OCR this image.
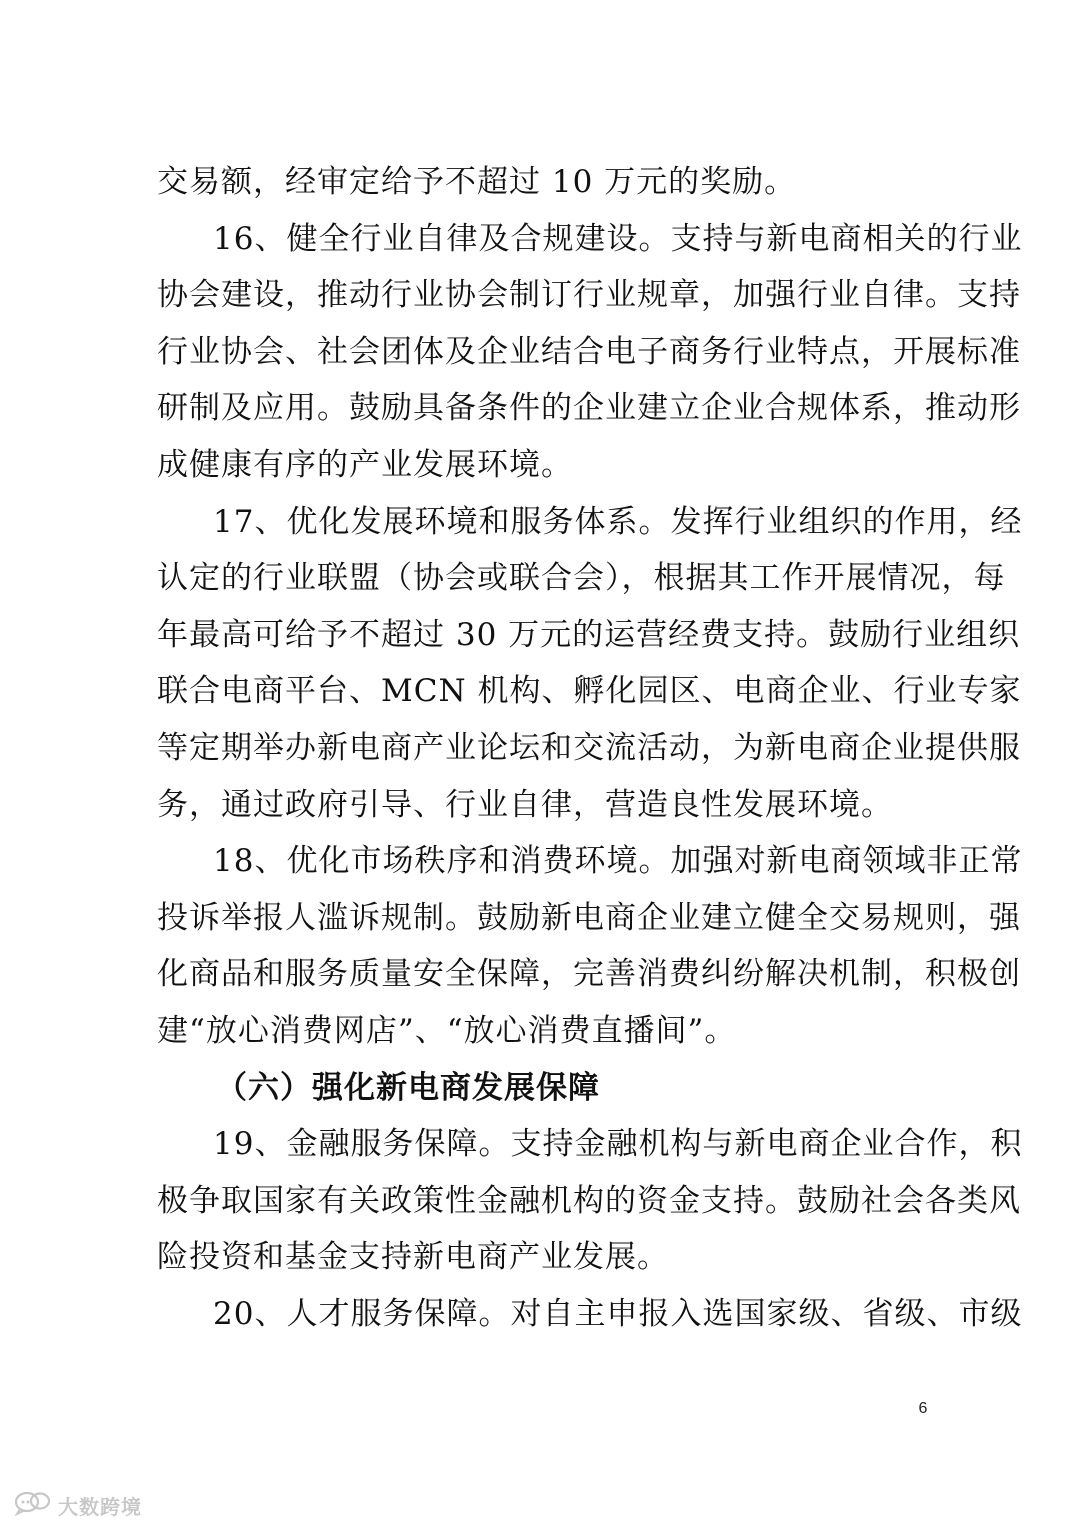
交易额，经审定给予不超过 10 万元的奖励。
16、健全行业自律及合规建设。支持与新电商相关的行业
协会建设，推动行业协会制订行业规章，加强行业自律。支持
行业协会、社会团体及企业结合电子商务行业特点，开展标准
研制及应用。鼓励具备条件的企业建立企业合规体系，推动形
成健康有序的产业发展环境。
17、优化发展环境和服务体系。发挥行业组织的作用，经
认定的行业联盟（协会或联合会），根据其工作开展情况，每
年最高可给予不超过 30 万元的运营经费支持。鼓励行业组织
联合电商平台、MCN 机构、孵化园区、电商企业、行业专家
等定期举办新电商产业论坛和交流活动，为新电商企业提供服
务，通过政府引导、行业自律，营造良性发展环境。
18、优化市场秩序和消费环境。加强对新电商领域非正常
投诉举报人滥诉规制。鼓励新电商企业建立健全交易规则，强
化商品和服务质量安全保障，完善消费纠纷解决机制，积极创
建“放心消费网店”、“放心消费直播间”。
（六）强化新电商发展保障
19、金融服务保障。支持金融机构与新电商企业合作，积
极争取国家有关政策性金融机构的资金支持。鼓励社会各类风
险投资和基金支持新电商产业发展。
20、人才服务保障。对自主申报入选国家级、省级、市级
6
大数跨境
